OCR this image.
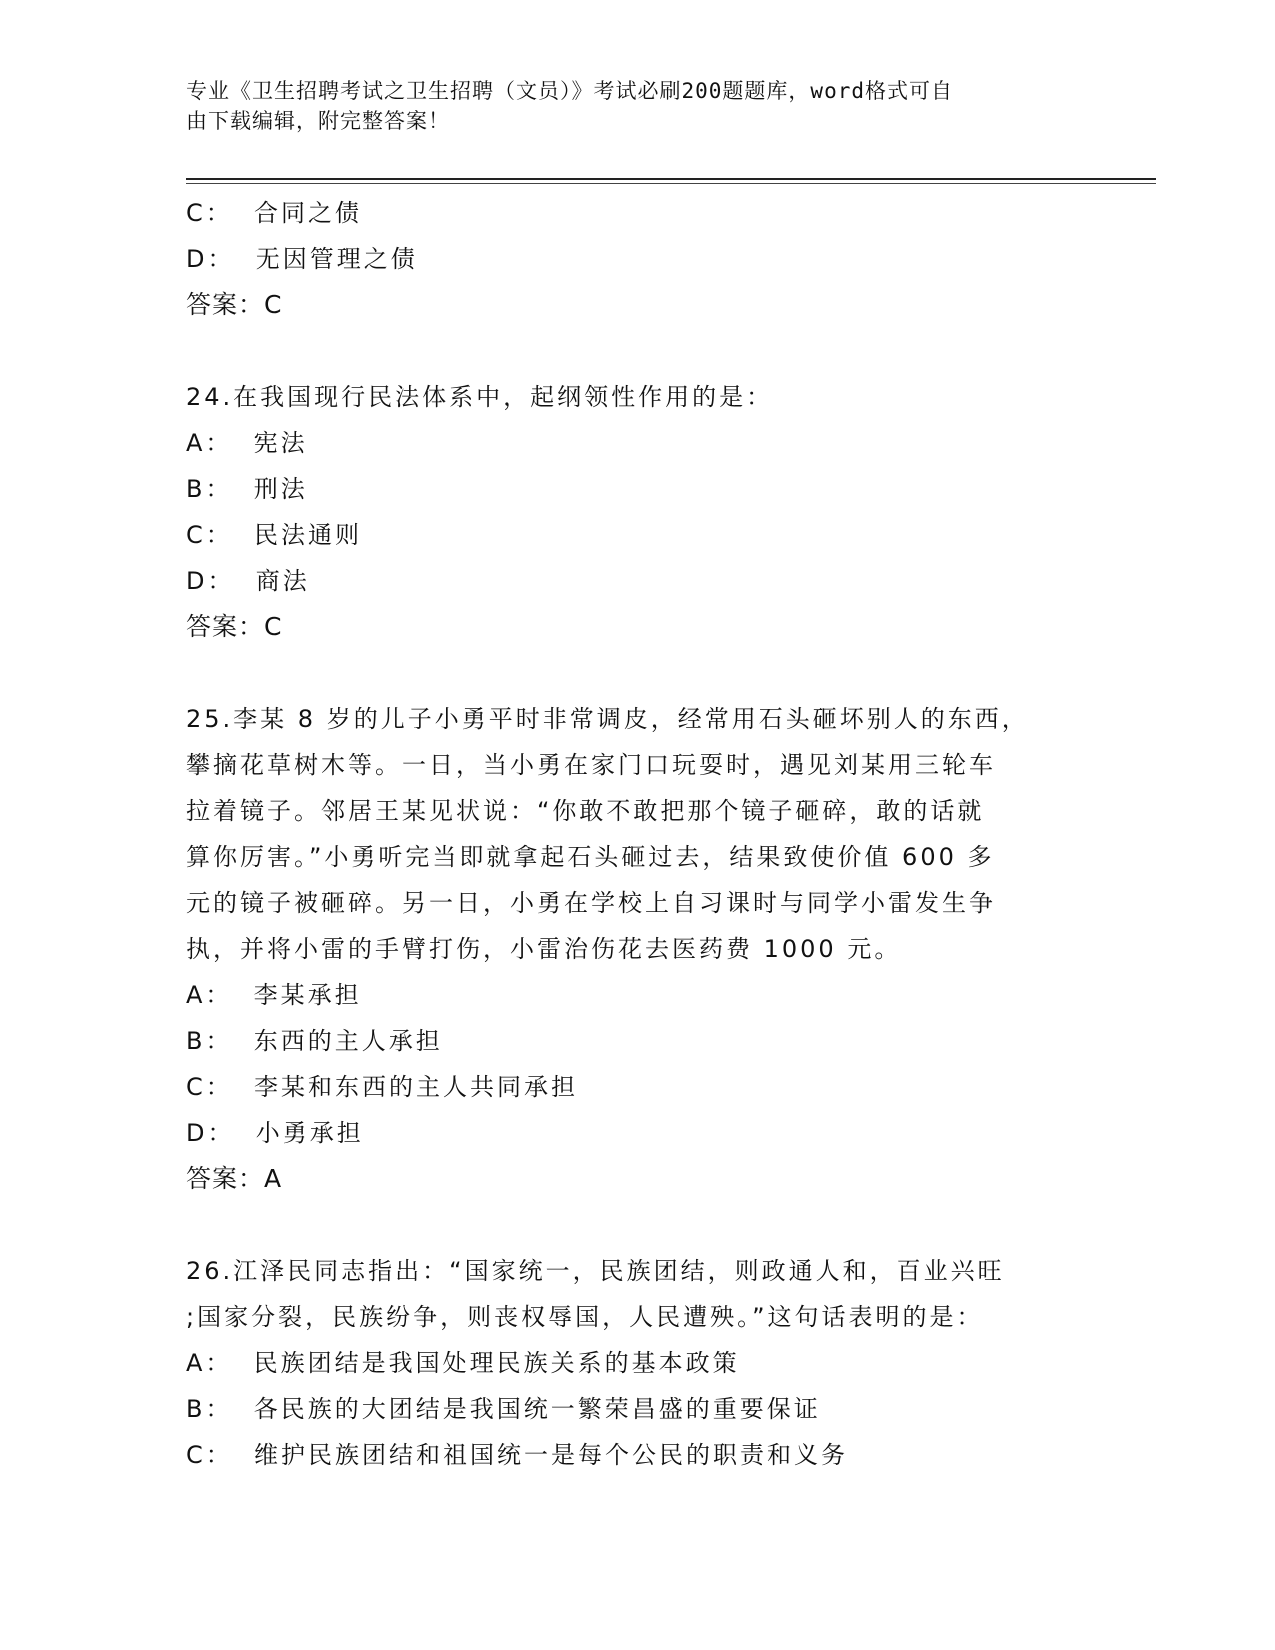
专业《卫生招聘考试之卫生招聘（文员）》考试必刷200题题库，word格式可自
由下载编辑，附完整答案！
C：  合同之债
D：  无因管理之债
答案：C
24.在我国现行民法体系中，起纲领性作用的是：
A：  宪法
B：  刑法
C：  民法通则
D：  商法
答案：C
25.李某 8 岁的儿子小勇平时非常调皮，经常用石头砸坏别人的东西，
攀摘花草树木等。一日，当小勇在家门口玩耍时，遇见刘某用三轮车
拉着镜子。邻居王某见状说：“你敢不敢把那个镜子砸碎，敢的话就
算你厉害。”小勇听完当即就拿起石头砸过去，结果致使价值 600 多
元的镜子被砸碎。另一日，小勇在学校上自习课时与同学小雷发生争
执，并将小雷的手臂打伤，小雷治伤花去医药费 1000 元。
A：  李某承担
B：  东西的主人承担
C：  李某和东西的主人共同承担
D：  小勇承担
答案：A
26.江泽民同志指出：“国家统一，民族团结，则政通人和，百业兴旺
;国家分裂，民族纷争，则丧权辱国，人民遭殃。”这句话表明的是：
A：  民族团结是我国处理民族关系的基本政策
B：  各民族的大团结是我国统一繁荣昌盛的重要保证
C：  维护民族团结和祖国统一是每个公民的职责和义务
